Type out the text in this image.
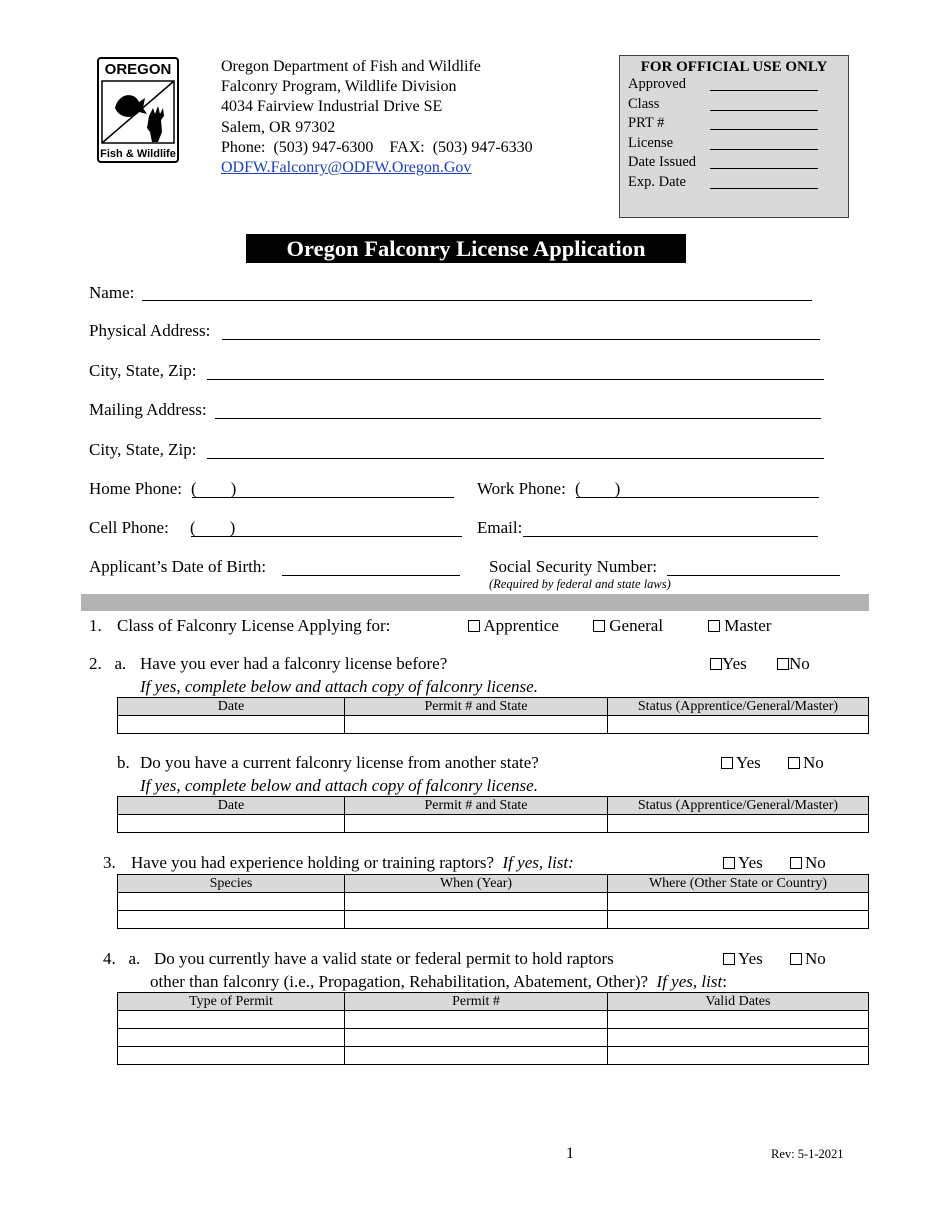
OREGON
Fish & Wildlife
Oregon Department of Fish and Wildlife
Falconry Program, Wildlife Division
4034 Fairview Industrial Drive SE
Salem, OR 97302
Phone:  (503) 947-6300    FAX:  (503) 947-6330
ODFW.Falconry@ODFW.Oregon.Gov
FOR OFFICIAL USE ONLY
Approved
Class
PRT #
License
Date Issued
Exp. Date
Oregon Falconry License Application
Name:
Physical Address:
City, State, Zip:
Mailing Address:
City, State, Zip:
Home Phone: (        )	Work Phone: (        )
Cell Phone: (        )	Email:
Applicant’s Date of Birth:	Social Security Number:
(Required by federal and state laws)
1. Class of Falconry License Applying for:	Apprentice	General	Master
2.   a. Have you ever had a falconry license before?	Yes	No
If yes, complete below and attach copy of falconry license.
Date	Permit # and State	Status (Apprentice/General/Master)

b. Do you have a current falconry license from another state?	Yes	No
If yes, complete below and attach copy of falconry license.
Date	Permit # and State	Status (Apprentice/General/Master)

3. Have you had experience holding or training raptors? If yes, list:	Yes	No
Species	When (Year)	Where (Other State or Country)

4.   a. Do you currently have a valid state or federal permit to hold raptors
other than falconry (i.e., Propagation, Rehabilitation, Abatement, Other)? If yes, list:
Yes	No
Type of Permit	Permit #	Valid Dates

1	Rev: 5-1-2021
